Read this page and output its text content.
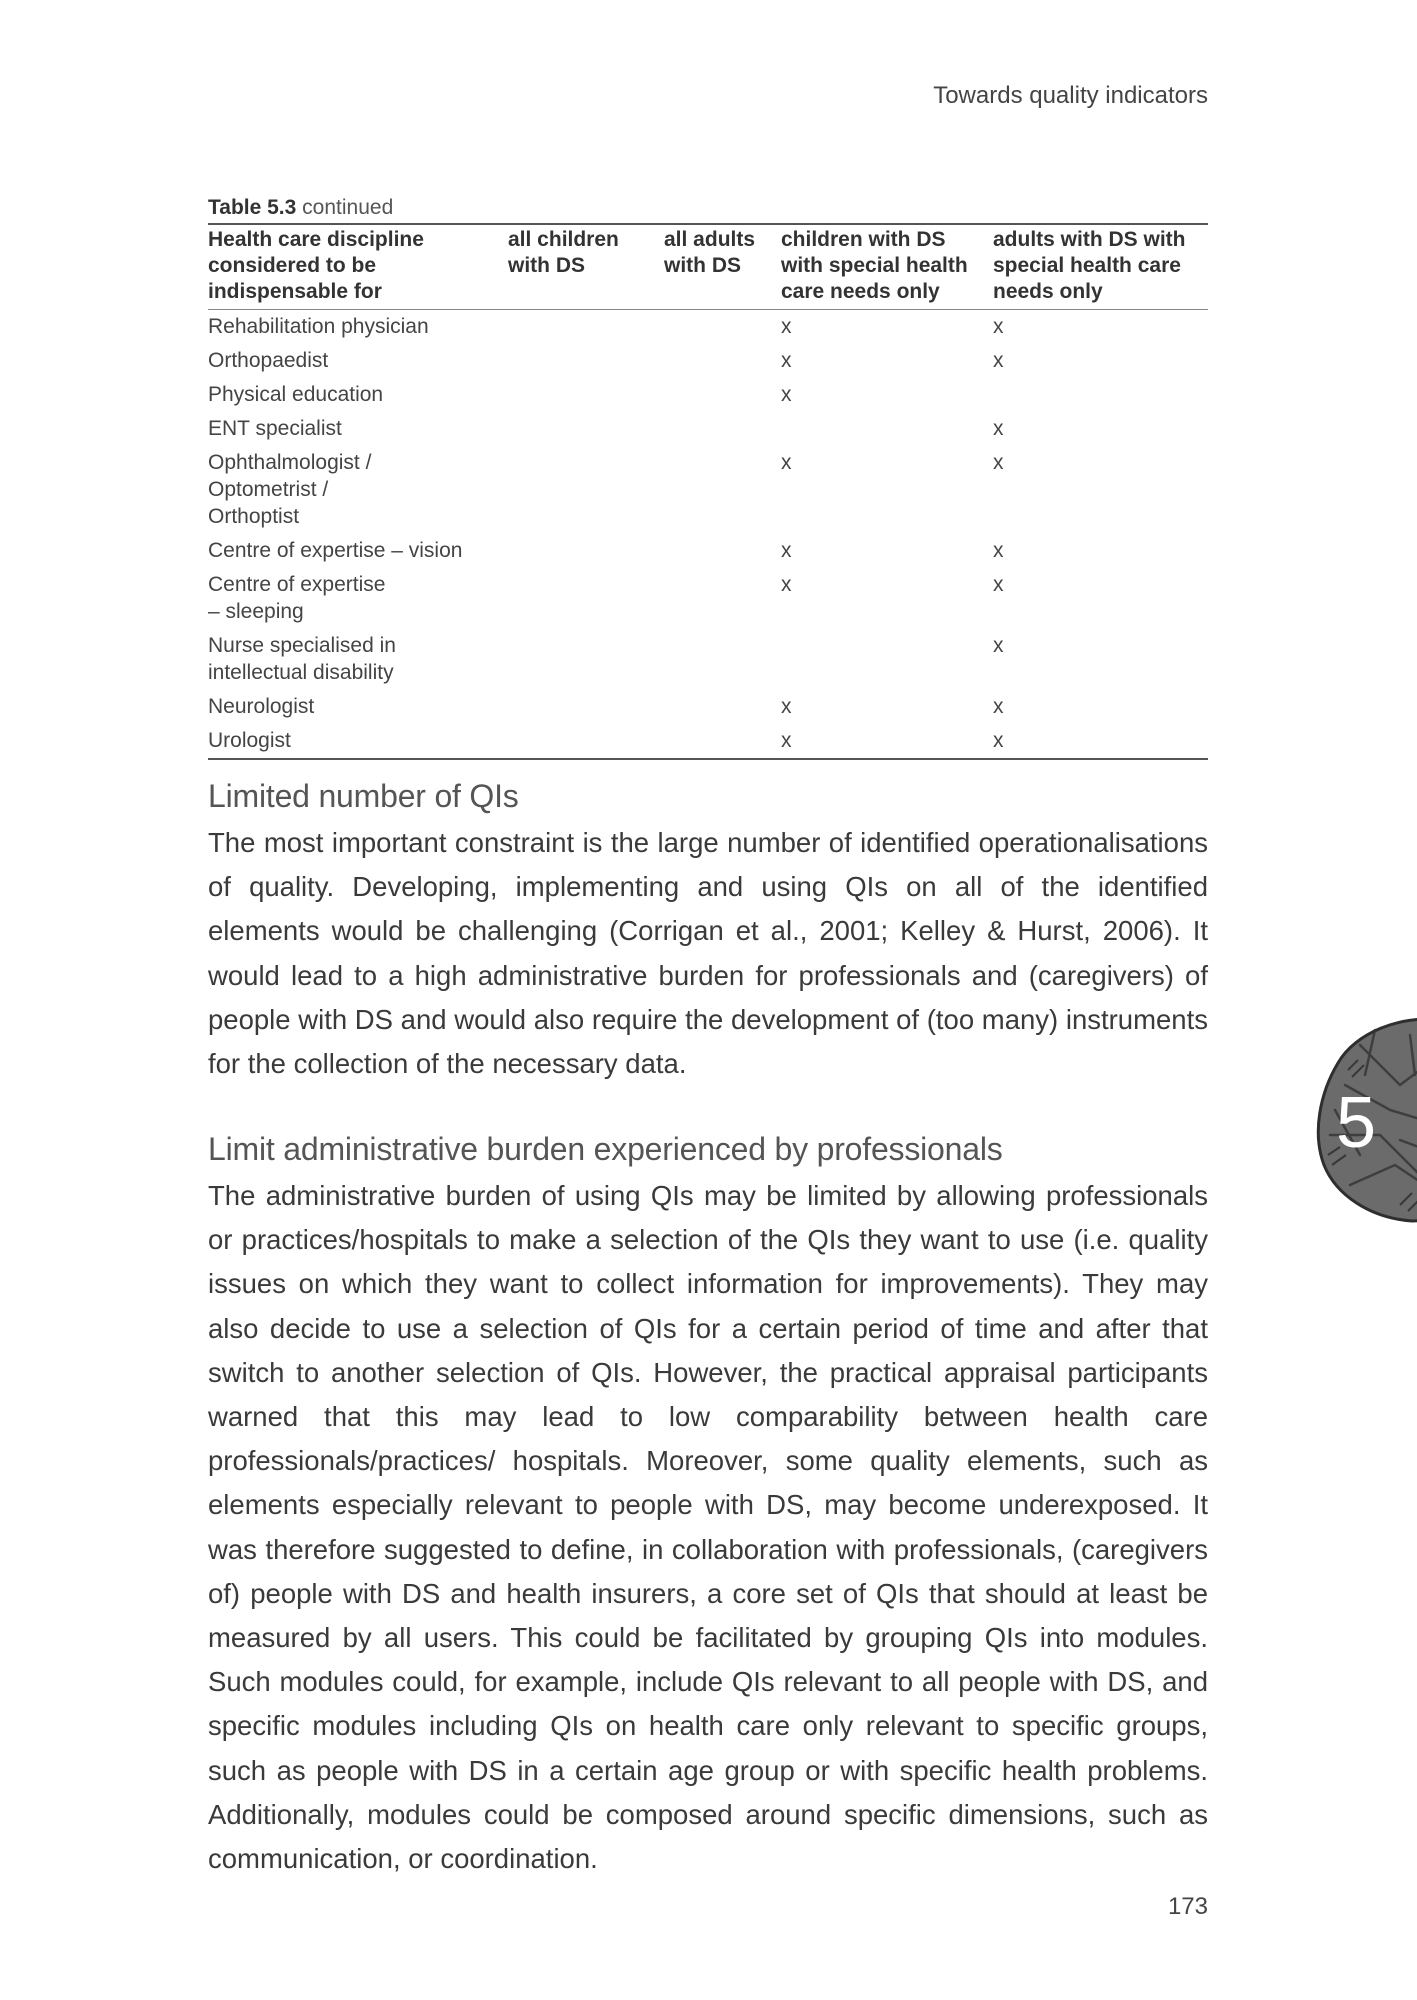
Towards quality indicators
Table 5.3 continued
Health care discipline considered to be indispensable for	all children with DS	all adults with DS	children with DS with special health care needs only	adults with DS with special health care needs only
Rehabilitation physician			x	x
Orthopaedist			x	x
Physical education			x	
ENT specialist				x
Ophthalmologist / Optometrist / Orthoptist			x	x
Centre of expertise – vision			x	x
Centre of expertise – sleeping			x	x
Nurse specialised in intellectual disability				x
Neurologist			x	x
Urologist			x	x
Limited number of QIs

The most important constraint is the large number of identified operationalisations of quality. Developing, implementing and using QIs on all of the identified elements would be challenging (Corrigan et al., 2001; Kelley & Hurst, 2006). It would lead to a high administrative burden for professionals and (caregivers) of people with DS and would also require the development of (too many) instruments for the collection of the necessary data.

Limit administrative burden experienced by professionals

The administrative burden of using QIs may be limited by allowing professionals or practices/hospitals to make a selection of the QIs they want to use (i.e. quality issues on which they want to collect information for improvements). They may also decide to use a selection of QIs for a certain period of time and after that switch to another selection of QIs. However, the practical appraisal participants warned that this may lead to low comparability between health care professionals/practices/ hospitals. Moreover, some quality elements, such as elements especially relevant to people with DS, may become underexposed. It was therefore suggested to define, in collaboration with professionals, (caregivers of) people with DS and health insurers, a core set of QIs that should at least be measured by all users. This could be facilitated by grouping QIs into modules. Such modules could, for example, include QIs relevant to all people with DS, and specific modules including QIs on health care only relevant to specific groups, such as people with DS in a certain age group or with specific health problems. Additionally, modules could be composed around specific dimensions, such as communication, or coordination.

5
173
